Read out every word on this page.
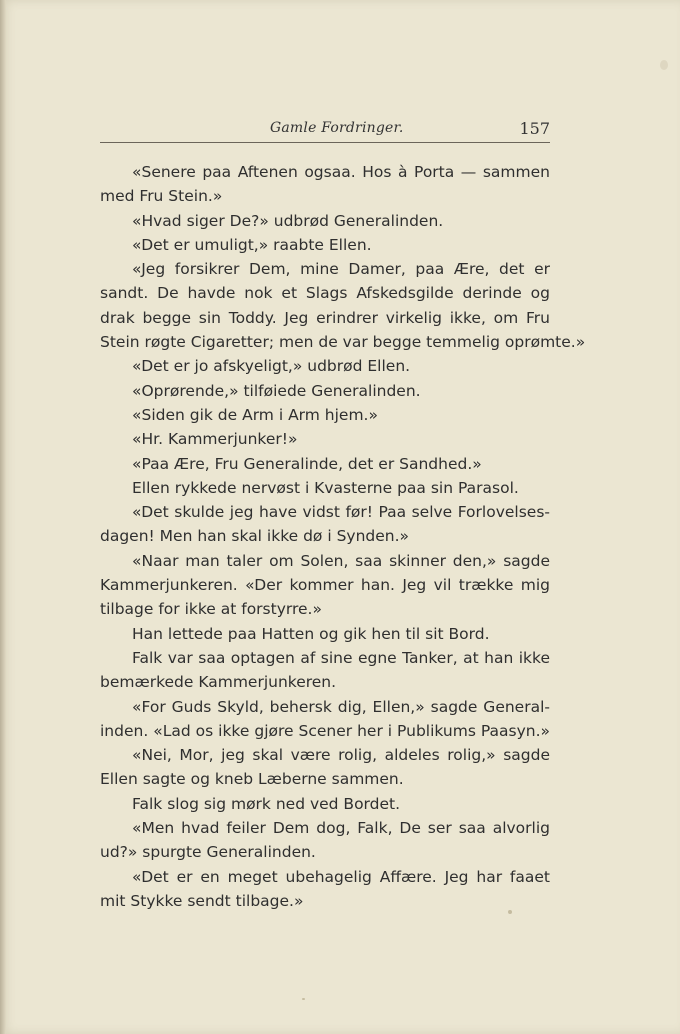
Gamle Fordringer.	157
«Senere paa Aftenen ogsaa. Hos à Porta — sammen
med Fru Stein.»
«Hvad siger De?» udbrød Generalinden.
«Det er umuligt,» raabte Ellen.
«Jeg forsikrer Dem, mine Damer, paa Ære, det er
sandt. De havde nok et Slags Afskedsgilde derinde og
drak begge sin Toddy. Jeg erindrer virkelig ikke, om Fru
Stein røgte Cigaretter; men de var begge temmelig oprømte.»
«Det er jo afskyeligt,» udbrød Ellen.
«Oprørende,» tilføiede Generalinden.
«Siden gik de Arm i Arm hjem.»
«Hr. Kammerjunker!»
«Paa Ære, Fru Generalinde, det er Sandhed.»
Ellen rykkede nervøst i Kvasterne paa sin Parasol.
«Det skulde jeg have vidst før! Paa selve Forlovelses-
dagen! Men han skal ikke dø i Synden.»
«Naar man taler om Solen, saa skinner den,» sagde
Kammerjunkeren. «Der kommer han. Jeg vil trække mig
tilbage for ikke at forstyrre.»
Han lettede paa Hatten og gik hen til sit Bord.
Falk var saa optagen af sine egne Tanker, at han ikke
bemærkede Kammerjunkeren.
«For Guds Skyld, behersk dig, Ellen,» sagde General-
inden. «Lad os ikke gjøre Scener her i Publikums Paasyn.»
«Nei, Mor, jeg skal være rolig, aldeles rolig,» sagde
Ellen sagte og kneb Læberne sammen.
Falk slog sig mørk ned ved Bordet.
«Men hvad feiler Dem dog, Falk, De ser saa alvorlig
ud?» spurgte Generalinden.
«Det er en meget ubehagelig Affære. Jeg har faaet
mit Stykke sendt tilbage.»
